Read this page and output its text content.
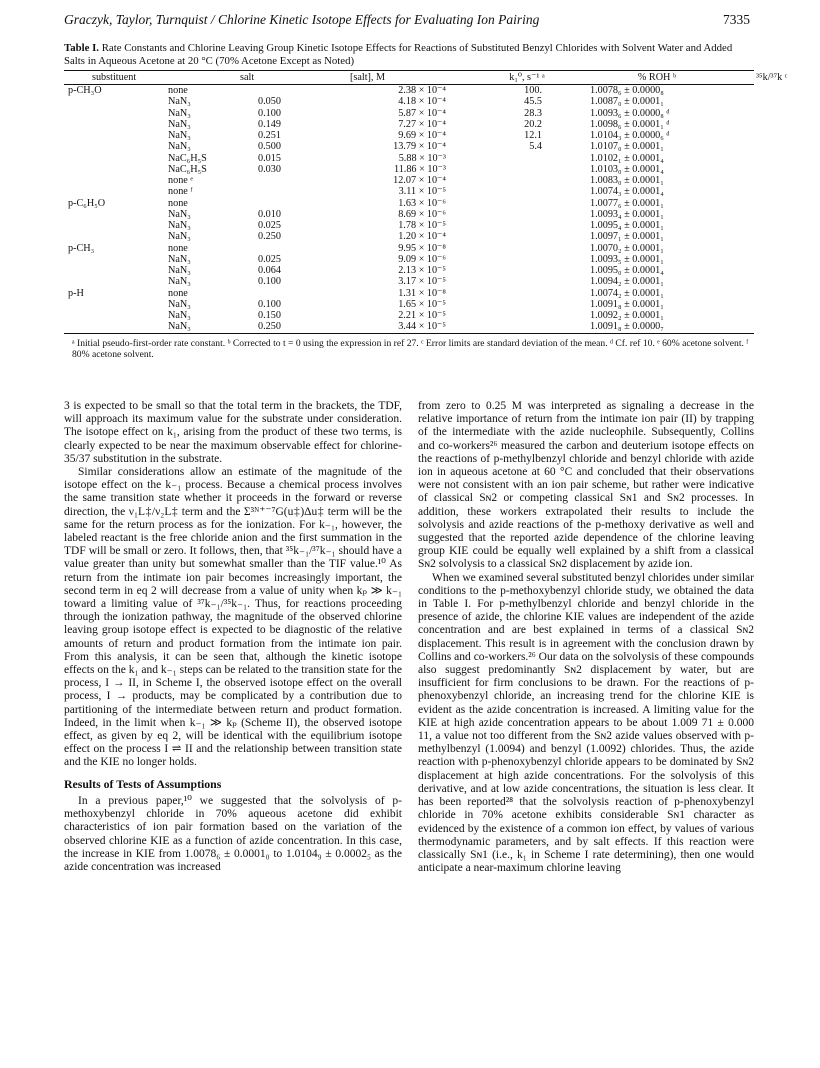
Graczyk, Taylor, Turnquist / Chlorine Kinetic Isotope Effects for Evaluating Ion Pairing	7335
Table I. Rate Constants and Chlorine Leaving Group Kinetic Isotope Effects for Reactions of Substituted Benzyl Chlorides with Solvent Water and Added Salts in Aqueous Acetone at 20 °C (70% Acetone Except as Noted)
substituent	salt	[salt], M	k₁⁰, s⁻¹ ᵃ	% ROH ᵇ	³⁵k/³⁷k ᶜ
p-CH₃O	none		2.38 × 10⁻⁴	100.	1.0078₆ ± 0.0000₈
	NaN₃	0.050	4.18 × 10⁻⁴	45.5	1.0087₀ ± 0.0001₁
	NaN₃	0.100	5.87 × 10⁻⁴	28.3	1.0093₆ ± 0.0000₈ ᵈ
	NaN₃	0.149	7.27 × 10⁻⁴	20.2	1.0098₆ ± 0.0001₁ ᵈ
	NaN₃	0.251	9.69 × 10⁻⁴	12.1	1.0104₃ ± 0.0000₆ ᵈ
	NaN₃	0.500	13.79 × 10⁻⁴	5.4	1.0107₀ ± 0.0001₁
	NaC₆H₅S	0.015	5.88 × 10⁻³		1.0102₁ ± 0.0001₄
	NaC₆H₅S	0.030	11.86 × 10⁻³		1.0103₀ ± 0.0001₄
	none ᵉ		12.07 × 10⁻⁴		1.0083₀ ± 0.0001₁
	none ᶠ		3.11 × 10⁻⁵		1.0074₃ ± 0.0001₄
p-C₆H₅O	none		1.63 × 10⁻⁶		1.0077₆ ± 0.0001₁
	NaN₃	0.010	8.69 × 10⁻⁶		1.0093₄ ± 0.0001₁
	NaN₃	0.025	1.78 × 10⁻⁵		1.0095₄ ± 0.0001₁
	NaN₃	0.250	1.20 × 10⁻⁴		1.0097₁ ± 0.0001₁
p-CH₃	none		9.95 × 10⁻⁸		1.0070₂ ± 0.0001₁
	NaN₃	0.025	9.09 × 10⁻⁶		1.0093₅ ± 0.0001₁
	NaN₃	0.064	2.13 × 10⁻⁵		1.0095₀ ± 0.0001₄
	NaN₃	0.100	3.17 × 10⁻⁵		1.0094₂ ± 0.0001₁
p-H	none		1.31 × 10⁻⁸		1.0074₂ ± 0.0001₁
	NaN₃	0.100	1.65 × 10⁻⁵		1.0091₈ ± 0.0001₁
	NaN₃	0.150	2.21 × 10⁻⁵		1.0092₂ ± 0.0001₁
	NaN₃	0.250	3.44 × 10⁻⁵		1.0091₈ ± 0.0000₇
ᵃ Initial pseudo-first-order rate constant. ᵇ Corrected to t = 0 using the expression in ref 27. ᶜ Error limits are standard deviation of the mean. ᵈ Cf. ref 10. ᵉ 60% acetone solvent. ᶠ 80% acetone solvent.

3 is expected to be small so that the total term in the brackets, the TDF, will approach its maximum value for the substrate under consideration. The isotope effect on k₁, arising from the product of these two terms, is clearly expected to be near the maximum observable effect for chlorine-35/37 substitution in the substrate.

Similar considerations allow an estimate of the magnitude of the isotope effect on the k₋₁ process. Because a chemical process involves the same transition state whether it proceeds in the forward or reverse direction, the ν₁L‡/ν₂L‡ term and the Σ³ᴺ⁺⁻⁷G(u‡)Δu‡ term will be the same for the return process as for the ionization. For k₋₁, however, the labeled reactant is the free chloride anion and the first summation in the TDF will be small or zero. It follows, then, that ³⁵k₋₁/³⁷k₋₁ should have a value greater than unity but somewhat smaller than the TIF value.¹⁰ As return from the intimate ion pair becomes increasingly important, the second term in eq 2 will decrease from a value of unity when kₚ ≫ k₋₁ toward a limiting value of ³⁷k₋₁/³⁵k₋₁. Thus, for reactions proceeding through the ionization pathway, the magnitude of the observed chlorine leaving group isotope effect is expected to be diagnostic of the relative amounts of return and product formation from the intimate ion pair. From this analysis, it can be seen that, although the kinetic isotope effects on the k₁ and k₋₁ steps can be related to the transition state for the process, I → II, in Scheme I, the observed isotope effect on the overall process, I → products, may be complicated by a contribution due to partitioning of the intermediate between return and product formation. Indeed, in the limit when k₋₁ ≫ kₚ (Scheme II), the observed isotope effect, as given by eq 2, will be identical with the equilibrium isotope effect on the process I ⇌ II and the relationship between transition state and the KIE no longer holds.

Results of Tests of Assumptions

In a previous paper,¹⁰ we suggested that the solvolysis of p-methoxybenzyl chloride in 70% aqueous acetone did exhibit characteristics of ion pair formation based on the variation of the observed chlorine KIE as a function of azide concentration. In this case, the increase in KIE from 1.0078₆ ± 0.0001₀ to 1.0104₉ ± 0.0002₅ as the azide concentration was increased

from zero to 0.25 M was interpreted as signaling a decrease in the relative importance of return from the intimate ion pair (II) by trapping of the intermediate with the azide nucleophile. Subsequently, Collins and co-workers²⁶ measured the carbon and deuterium isotope effects on the reactions of p-methylbenzyl chloride and benzyl chloride with azide ion in aqueous acetone at 60 °C and concluded that their observations were not consistent with an ion pair scheme, but rather were indicative of classical Sɴ2 or competing classical Sɴ1 and Sɴ2 processes. In addition, these workers extrapolated their results to include the solvolysis and azide reactions of the p-methoxy derivative as well and suggested that the reported azide dependence of the chlorine leaving group KIE could be equally well explained by a shift from a classical Sɴ2 solvolysis to a classical Sɴ2 displacement by azide ion.

When we examined several substituted benzyl chlorides under similar conditions to the p-methoxybenzyl chloride study, we obtained the data in Table I. For p-methylbenzyl chloride and benzyl chloride in the presence of azide, the chlorine KIE values are independent of the azide concentration and are best explained in terms of a classical Sɴ2 displacement. This result is in agreement with the conclusion drawn by Collins and co-workers.²⁶ Our data on the solvolysis of these compounds also suggest predominantly Sɴ2 displacement by water, but are insufficient for firm conclusions to be drawn. For the reactions of p-phenoxybenzyl chloride, an increasing trend for the chlorine KIE is evident as the azide concentration is increased. A limiting value for the KIE at high azide concentration appears to be about 1.009 71 ± 0.000 11, a value not too different from the Sɴ2 azide values observed with p-methylbenzyl (1.0094) and benzyl (1.0092) chlorides. Thus, the azide reaction with p-phenoxybenzyl chloride appears to be dominated by Sɴ2 displacement at high azide concentrations. For the solvolysis of this derivative, and at low azide concentrations, the situation is less clear. It has been reported²⁸ that the solvolysis reaction of p-phenoxybenzyl chloride in 70% acetone exhibits considerable Sɴ1 character as evidenced by the existence of a common ion effect, by values of various thermodynamic parameters, and by salt effects. If this reaction were classically Sɴ1 (i.e., k₁ in Scheme I rate determining), then one would anticipate a near-maximum chlorine leaving
